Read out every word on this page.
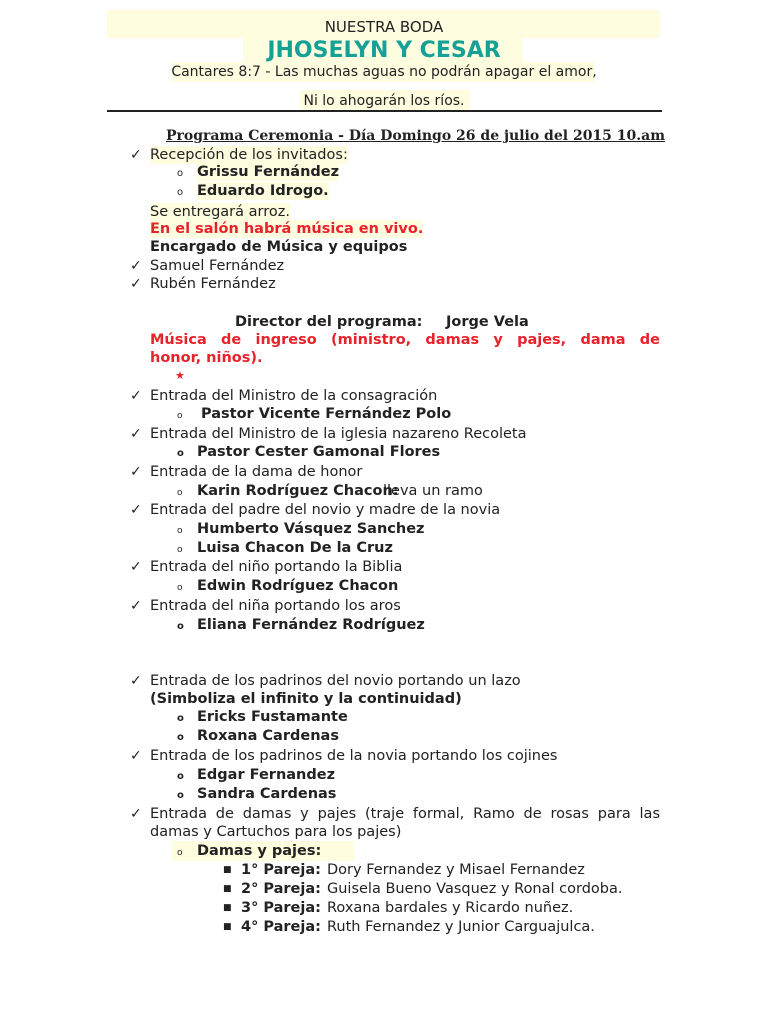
NUESTRA BODA
JHOSELYN Y CESAR
Cantares 8:7 - Las muchas aguas no podrán apagar el amor,
Ni lo ahogarán los ríos.
Programa Ceremonia - Día Domingo 26 de julio del 2015 10.am
✓ Recepción de los invitados:
o Grissu Fernández
o Eduardo Idrogo.
Se entregará arroz.
En el salón habrá música en vivo.
Encargado de Música y equipos
✓ Samuel Fernández
✓ Rubén Fernández
Director del programa: Jorge Vela
Música de ingreso (ministro, damas y pajes, dama de
honor, niños).
★
✓ Entrada del Ministro de la consagración
o Pastor Vicente Fernández Polo
✓ Entrada del Ministro de la iglesia nazareno Recoleta
o Pastor Cester Gamonal Flores
✓ Entrada de la dama de honor
o Karin Rodríguez Chacon:
lleva un ramo
✓ Entrada del padre del novio y madre de la novia
o Humberto Vásquez Sanchez
o Luisa Chacon De la Cruz
✓ Entrada del niño portando la Biblia
o Edwin Rodríguez Chacon
✓ Entrada del niña portando los aros
o Eliana Fernández Rodríguez
✓ Entrada de los padrinos del novio portando un lazo
(Simboliza el infinito y la continuidad)
o Ericks Fustamante
o Roxana Cardenas
✓ Entrada de los padrinos de la novia portando los cojines
o Edgar Fernandez
o Sandra Cardenas
✓ Entrada de damas y pajes (traje formal, Ramo de rosas para las
damas y Cartuchos para los pajes)
o Damas y pajes:
■ 1° Pareja: Dory Fernandez y Misael Fernandez
■ 2° Pareja: Guisela Bueno Vasquez y Ronal cordoba.
■ 3° Pareja: Roxana bardales y Ricardo nuñez.
■ 4° Pareja: Ruth Fernandez y Junior Carguajulca.
